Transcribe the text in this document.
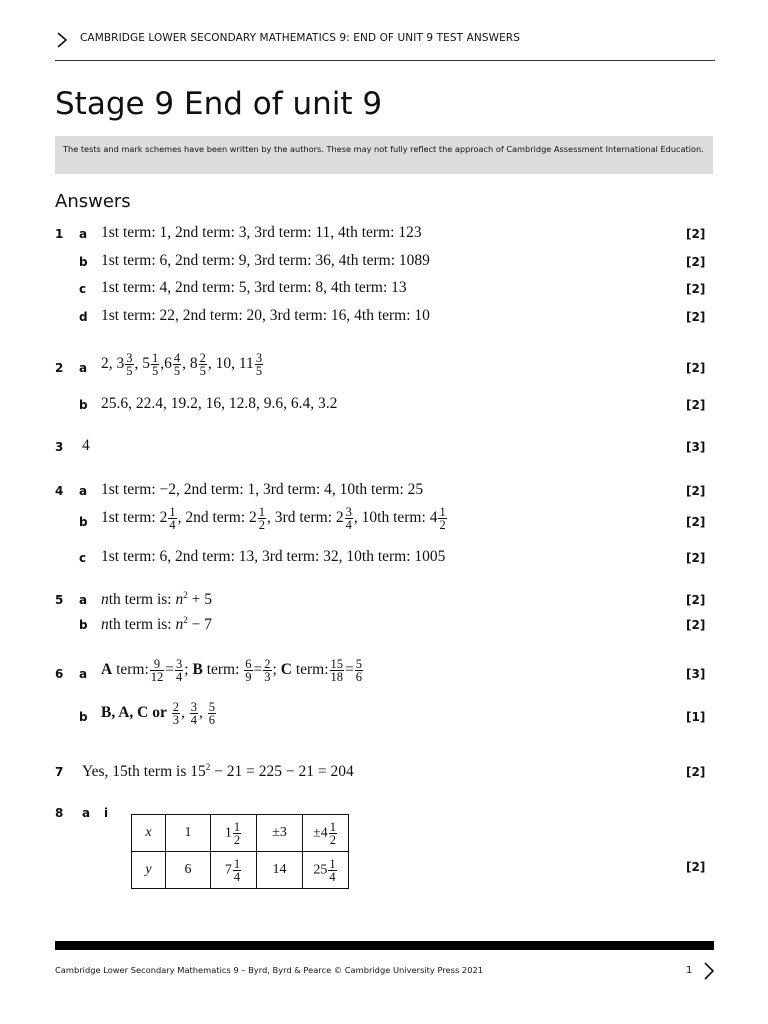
CAMBRIDGE LOWER SECONDARY MATHEMATICS 9: END OF UNIT 9 TEST ANSWERS
Stage 9 End of unit 9
The tests and mark schemes have been written by the authors. These may not fully reflect the approach of Cambridge Assessment International Education.
Answers
1 a 1st term: 1, 2nd term: 3, 3rd term: 11, 4th term: 123	[2]
b 1st term: 6, 2nd term: 9, 3rd term: 36, 4th term: 1089	[2]
c 1st term: 4, 2nd term: 5, 3rd term: 8, 4th term: 13	[2]
d 1st term: 22, 2nd term: 20, 3rd term: 16, 4th term: 10	[2]
2 a 2, $3 \frac{3}{5}$ , $5 \frac{1}{5} ,6 \frac{4}{5}$ , $8 \frac{2}{5}$ , 10, $11 \frac{3}{5}$	[2]
b 25.6, 22.4, 19.2, 16, 12.8, 9.6, 6.4, 3.2	[2]
3 4	[3]
4 a 1st term: −2, 2nd term: 1, 3rd term: 4, 10th term: 25	[2]
b 1st term: $2 \frac{1}{4}$ , 2nd term: $2 \frac{1}{2}$ , 3rd term: $2 \frac{3}{4}$ , 10th term: $4 \frac{1}{2}$	[2]
c 1st term: 6, 2nd term: 13, 3rd term: 32, 10th term: 1005	[2]
5 a nth term is: $n^2 + 5$	[2]
b nth term is: $n^2 - 7$	[2]
6 a A term: $\frac{9}{12} = \frac{3}{4}$ ; B term: $\frac{6}{9} = \frac{2}{3}$ ; C term: $\frac{15}{18} = \frac{5}{6}$	[3]
b B, A, C or $\frac{2}{3}$ , $\frac{3}{4}$ , $\frac{5}{6}$	[1]
7 Yes, 15th term is $15^2 - 21 = 225 - 21 = 204$	[2]
8 a i
x	1	$1 \frac{1}{2}$	±3	$\pm 4 \frac{1}{2}$

y	6	$7 \frac{1}{4}$	14	$25 \frac{1}{4}$	[2]
Cambridge Lower Secondary Mathematics 9 – Byrd, Byrd & Pearce © Cambridge University Press 2021	1
